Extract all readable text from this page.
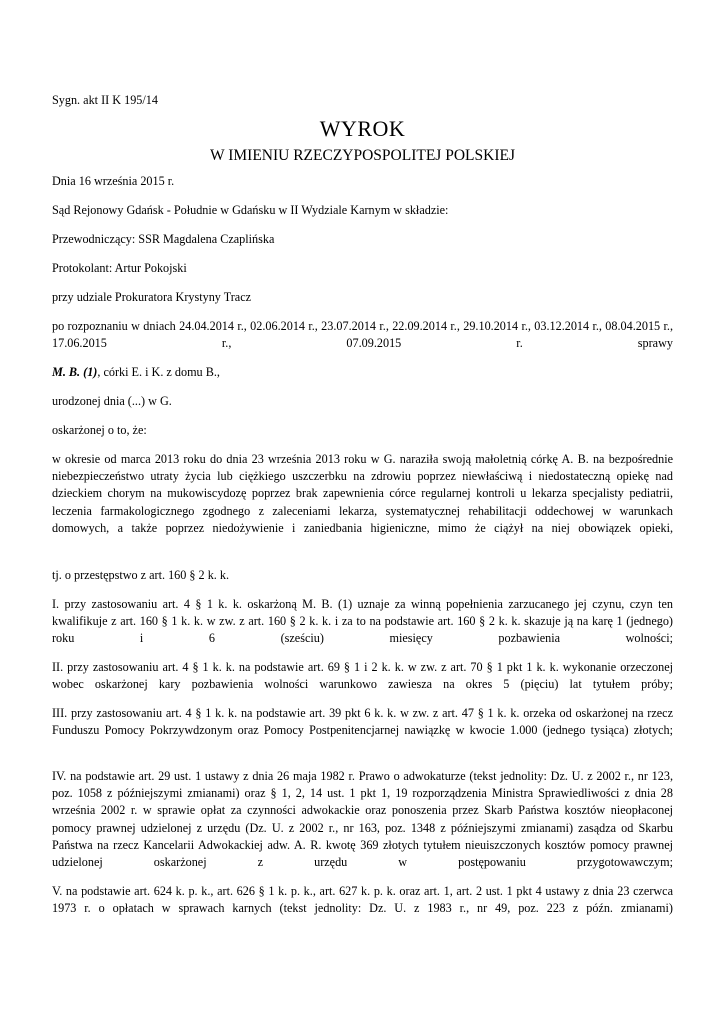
Sygn. akt II K 195/14

WYROK
W IMIENIU RZECZYPOSPOLITEJ POLSKIEJ

Dnia 16 września 2015 r.

Sąd Rejonowy Gdańsk - Południe w Gdańsku w II Wydziale Karnym w składzie:

Przewodniczący: SSR Magdalena Czaplińska

Protokolant: Artur Pokojski

przy udziale Prokuratora Krystyny Tracz

po rozpoznaniu w dniach 24.04.2014 r., 02.06.2014 r., 23.07.2014 r., 22.09.2014 r., 29.10.2014 r., 03.12.2014 r., 08.04.2015 r., 17.06.2015 r., 07.09.2015 r. sprawy

M. B. (1), córki E. i K. z domu B.,

urodzonej dnia (...) w G.

oskarżonej o to, że:

w okresie od marca 2013 roku do dnia 23 września 2013 roku w G. naraziła swoją małoletnią córkę A. B. na bezpośrednie niebezpieczeństwo utraty życia lub ciężkiego uszczerbku na zdrowiu poprzez niewłaściwą i niedostateczną opiekę nad dzieckiem chorym na mukowiscydozę poprzez brak zapewnienia córce regularnej kontroli u lekarza specjalisty pediatrii, leczenia farmakologicznego zgodnego z zaleceniami lekarza, systematycznej rehabilitacji oddechowej w warunkach domowych, a także poprzez niedożywienie i zaniedbania higieniczne, mimo że ciążył na niej obowiązek opieki,

tj. o przestępstwo z art. 160 § 2 k. k.

I. przy zastosowaniu art. 4 § 1 k. k. oskarżoną M. B. (1) uznaje za winną popełnienia zarzucanego jej czynu, czyn ten kwalifikuje z art. 160 § 1 k. k. w zw. z art. 160 § 2 k. k. i za to na podstawie art. 160 § 2 k. k. skazuje ją na karę 1 (jednego) roku i 6 (sześciu) miesięcy pozbawienia wolności;

II. przy zastosowaniu art. 4 § 1 k. k. na podstawie art. 69 § 1 i 2 k. k. w zw. z art. 70 § 1 pkt 1 k. k. wykonanie orzeczonej wobec oskarżonej kary pozbawienia wolności warunkowo zawiesza na okres 5 (pięciu) lat tytułem próby;

III. przy zastosowaniu art. 4 § 1 k. k. na podstawie art. 39 pkt 6 k. k. w zw. z art. 47 § 1 k. k. orzeka od oskarżonej na rzecz Funduszu Pomocy Pokrzywdzonym oraz Pomocy Postpenitencjarnej nawiązkę w kwocie 1.000 (jednego tysiąca) złotych;

IV. na podstawie art. 29 ust. 1 ustawy z dnia 26 maja 1982 r. Prawo o adwokaturze (tekst jednolity: Dz. U. z 2002 r., nr 123, poz. 1058 z późniejszymi zmianami) oraz § 1, 2, 14 ust. 1 pkt 1, 19 rozporządzenia Ministra Sprawiedliwości z dnia 28 września 2002 r. w sprawie opłat za czynności adwokackie oraz ponoszenia przez Skarb Państwa kosztów nieopłaconej pomocy prawnej udzielonej z urzędu (Dz. U. z 2002 r., nr 163, poz. 1348 z późniejszymi zmianami) zasądza od Skarbu Państwa na rzecz Kancelarii Adwokackiej adw. A. R. kwotę 369 złotych tytułem nieuiszczonych kosztów pomocy prawnej udzielonej oskarżonej z urzędu w postępowaniu przygotowawczym;

V. na podstawie art. 624 k. p. k., art. 626 § 1 k. p. k., art. 627 k. p. k. oraz art. 1, art. 2 ust. 1 pkt 4 ustawy z dnia 23 czerwca 1973 r. o opłatach w sprawach karnych (tekst jednolity: Dz. U. z 1983 r., nr 49, poz. 223 z późn. zmianami)
